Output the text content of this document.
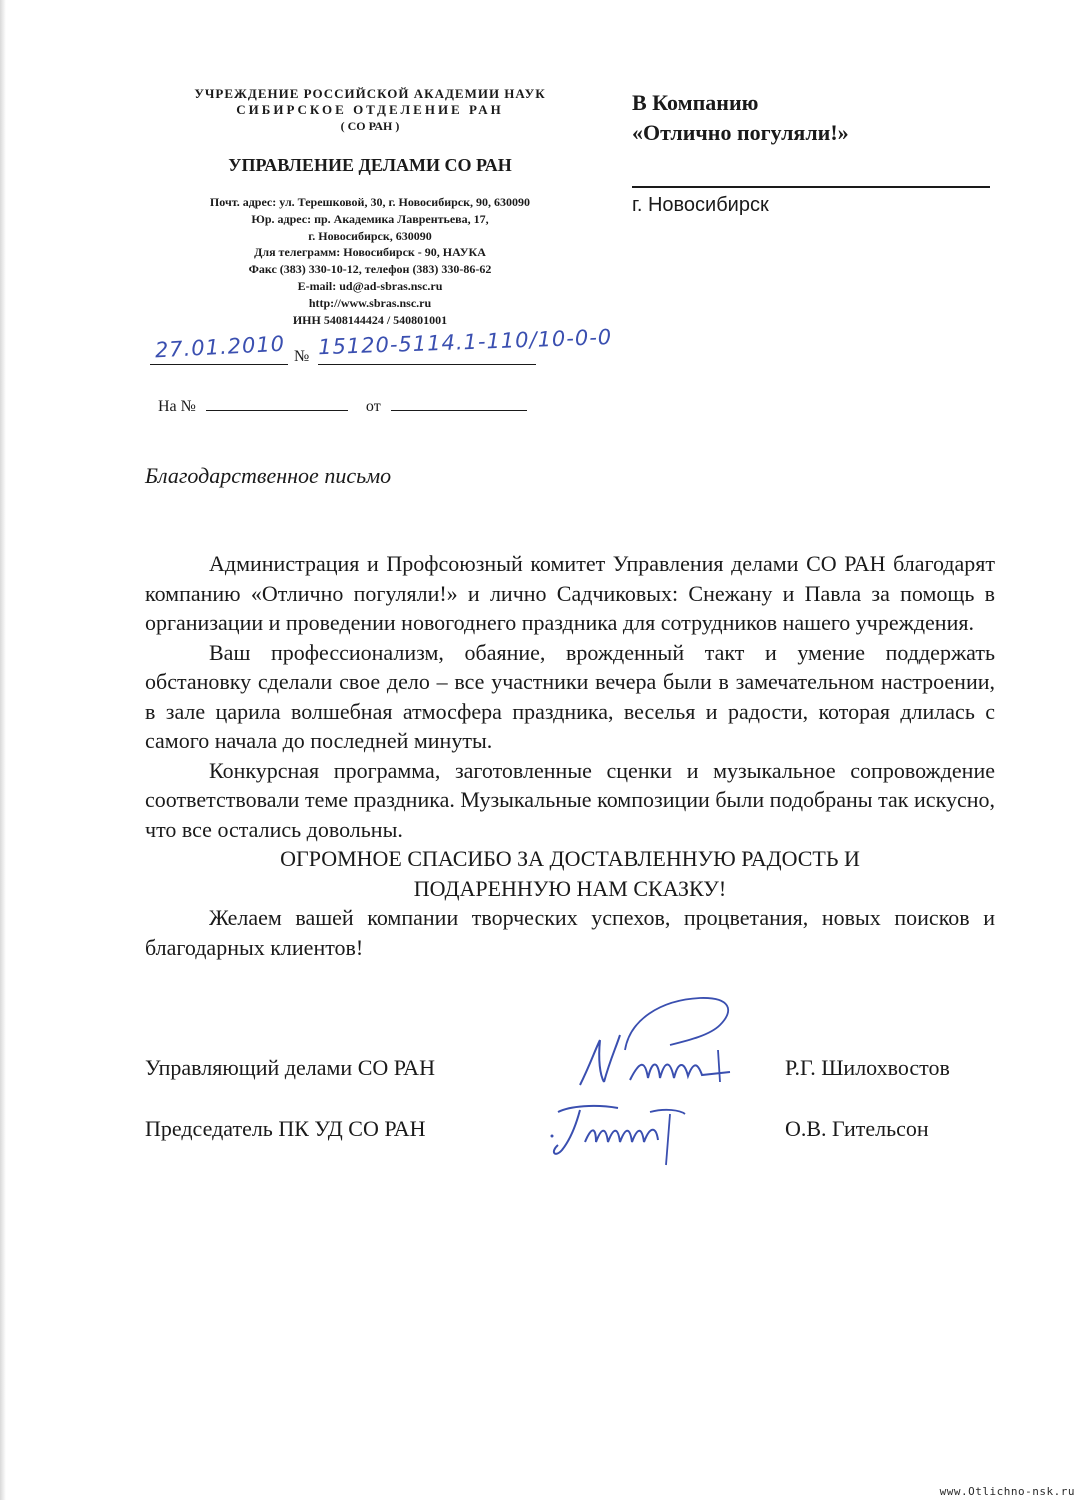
УЧРЕЖДЕНИЕ РОССИЙСКОЙ АКАДЕМИИ НАУК
СИБИРСКОЕ ОТДЕЛЕНИЕ РАН
( СО РАН )
УПРАВЛЕНИЕ ДЕЛАМИ СО РАН
Почт. адрес: ул. Терешковой, 30, г. Новосибирск, 90, 630090
Юр. адрес: пр. Академика Лаврентьева, 17,
г. Новосибирск, 630090
Для телеграмм: Новосибирск - 90, НАУКА
Факс (383) 330-10-12, телефон (383) 330-86-62
E-mail: ud@ad-sbras.nsc.ru
http://www.sbras.nsc.ru
ИНН 5408144424 / 540801001
В Компанию
«Отлично погуляли!»
г. Новосибирск
27.01.2010 № 15120-5114.1-110/10-0-0
На №	от
Благодарственное письмо

Администрация и Профсоюзный комитет Управления делами СО РАН благодарят компанию «Отлично погуляли!» и лично Садчиковых: Снежану и Павла за помощь в организации и проведении новогоднего праздника для сотрудников нашего учреждения.

Ваш профессионализм, обаяние, врожденный такт и умение поддержать обстановку сделали свое дело – все участники вечера были в замечательном настроении, в зале царила волшебная атмосфера праздника, веселья и радости, которая длилась с самого начала до последней минуты.

Конкурсная программа, заготовленные сценки и музыкальное сопровождение соответствовали теме праздника. Музыкальные композиции были подобраны так искусно, что все остались довольны.

ОГРОМНОЕ СПАСИБО ЗА ДОСТАВЛЕННУЮ РАДОСТЬ И

ПОДАРЕННУЮ НАМ СКАЗКУ!

Желаем вашей компании творческих успехов, процветания, новых поисков и благодарных клиентов!

Управляющий делами СО РАН	Р.Г. Шилохвостов
Председатель ПК УД СО РАН	О.В. Гительсон
www.Otlichno-nsk.ru
